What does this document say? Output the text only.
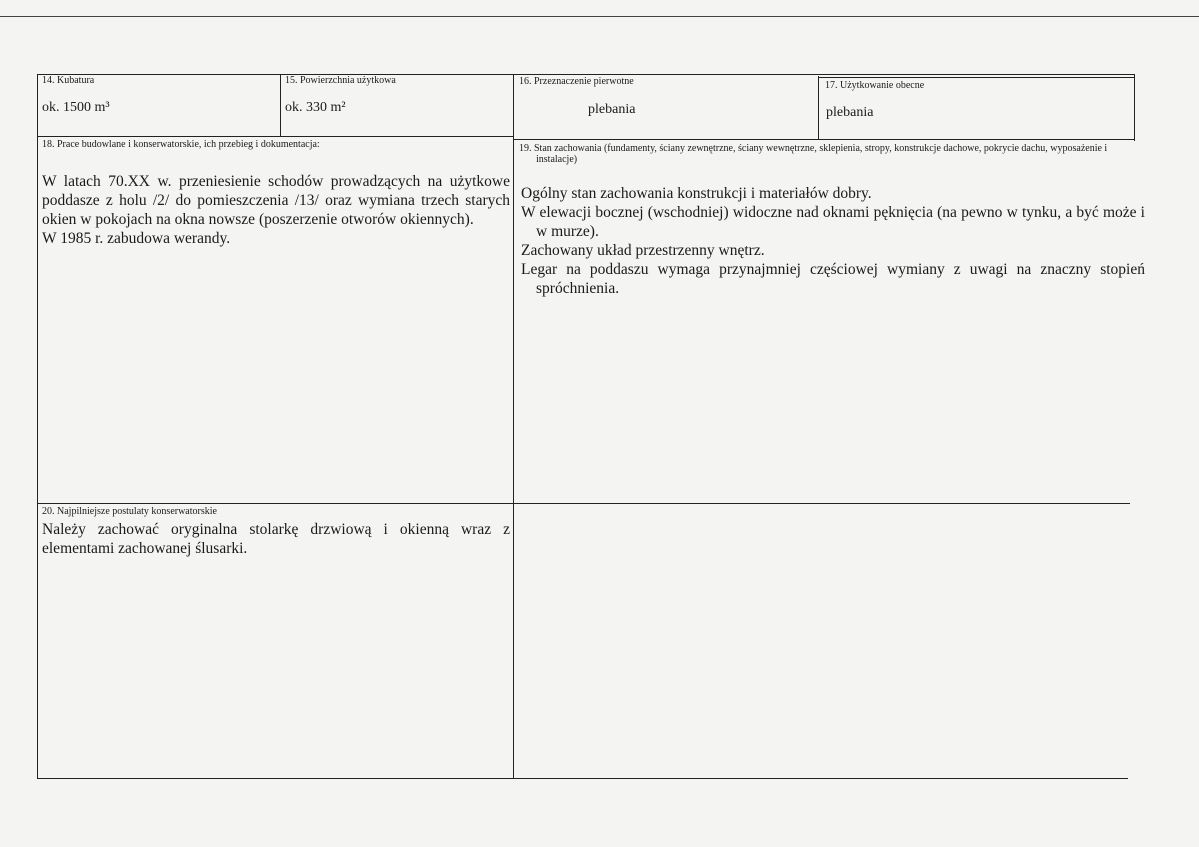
14. Kubatura
ok. 1500 m³
15. Powierzchnia użytkowa
ok. 330 m²
16. Przeznaczenie pierwotne
plebania
17. Użytkowanie obecne
plebania
18. Prace budowlane i konserwatorskie, ich przebieg i dokumentacja:

W latach 70.XX w. przeniesienie schodów prowadzących na użytkowe poddasze z holu /2/ do pomieszczenia /13/ oraz wymiana trzech starych okien w pokojach na okna nowsze (poszerzenie otworów okiennych).

W 1985 r. zabudowa werandy.

19. Stan zachowania (fundamenty, ściany zewnętrzne, ściany wewnętrzne, sklepienia, stropy, konstrukcje dachowe, pokrycie dachu, wyposażenie i instalacje)

Ogólny stan zachowania konstrukcji i materiałów dobry.

W elewacji bocznej (wschodniej) widoczne nad oknami pęknięcia (na pewno w tynku, a być może i w murze).

Zachowany układ przestrzenny wnętrz.

Legar na poddaszu wymaga przynajmniej częściowej wymiany z uwagi na znaczny stopień spróchnienia.

20. Najpilniejsze postulaty konserwatorskie

Należy zachować oryginalna stolarkę drzwiową i okienną wraz z elementami zachowanej ślusarki.
